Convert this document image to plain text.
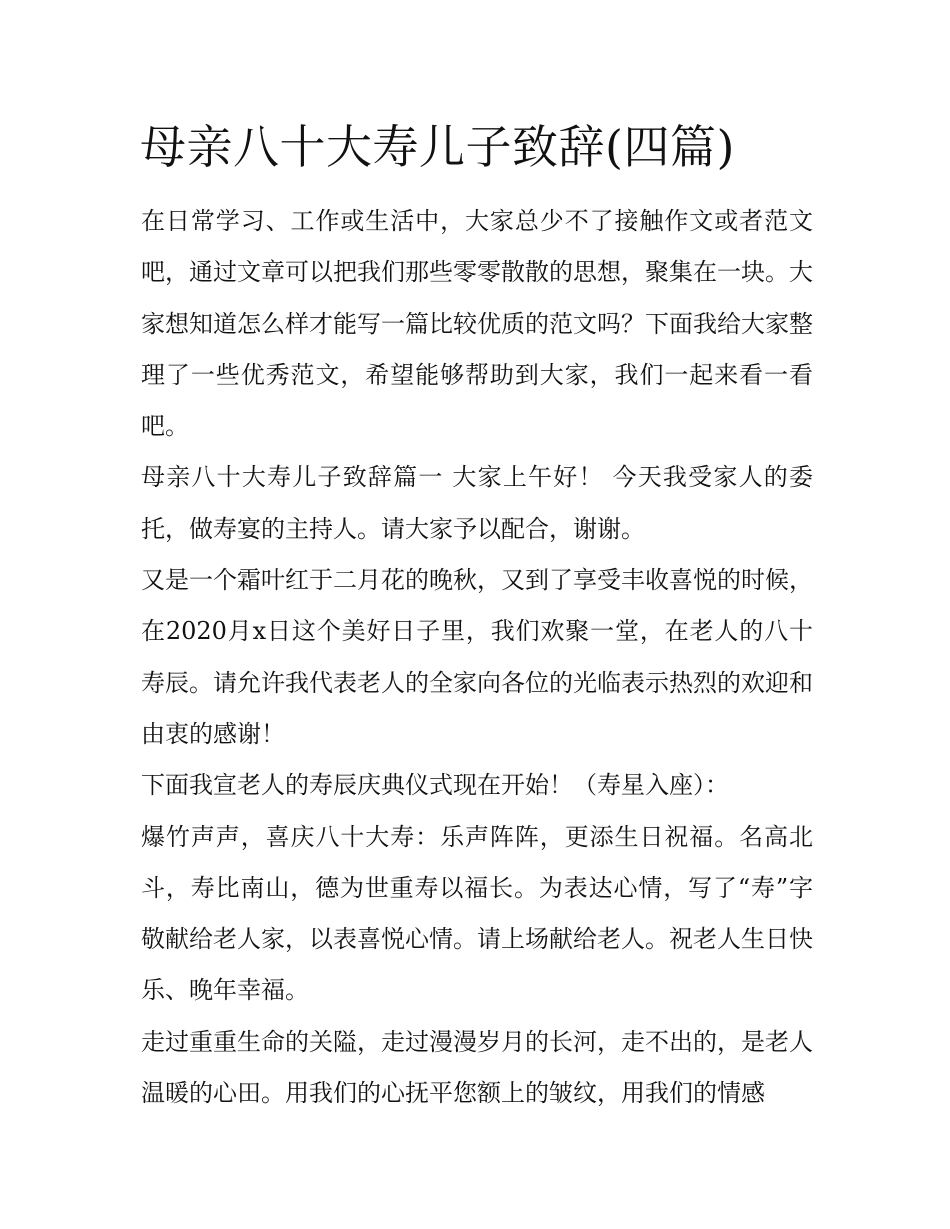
母亲八十大寿儿子致辞(四篇)

在日常学习、工作或生活中，大家总少不了接触作文或者范文吧，通过文章可以把我们那些零零散散的思想，聚集在一块。大家想知道怎么样才能写一篇比较优质的范文吗？下面我给大家整理了一些优秀范文，希望能够帮助到大家，我们一起来看一看吧。

母亲八十大寿儿子致辞篇一 大家上午好！ 今天我受家人的委托，做寿宴的主持人。请大家予以配合，谢谢。

又是一个霜叶红于二月花的晚秋，又到了享受丰收喜悦的时候，在2020月x日这个美好日子里，我们欢聚一堂，在老人的八十寿辰。请允许我代表老人的全家向各位的光临表示热烈的欢迎和由衷的感谢！

下面我宣老人的寿辰庆典仪式现在开始！（寿星入座）：

爆竹声声，喜庆八十大寿：乐声阵阵，更添生日祝福。名高北斗，寿比南山，德为世重寿以福长。为表达心情，写了“寿”字敬献给老人家，以表喜悦心情。请上场献给老人。祝老人生日快乐、晚年幸福。

走过重重生命的关隘，走过漫漫岁月的长河，走不出的，是老人温暖的心田。用我们的心抚平您额上的皱纹，用我们的情感
